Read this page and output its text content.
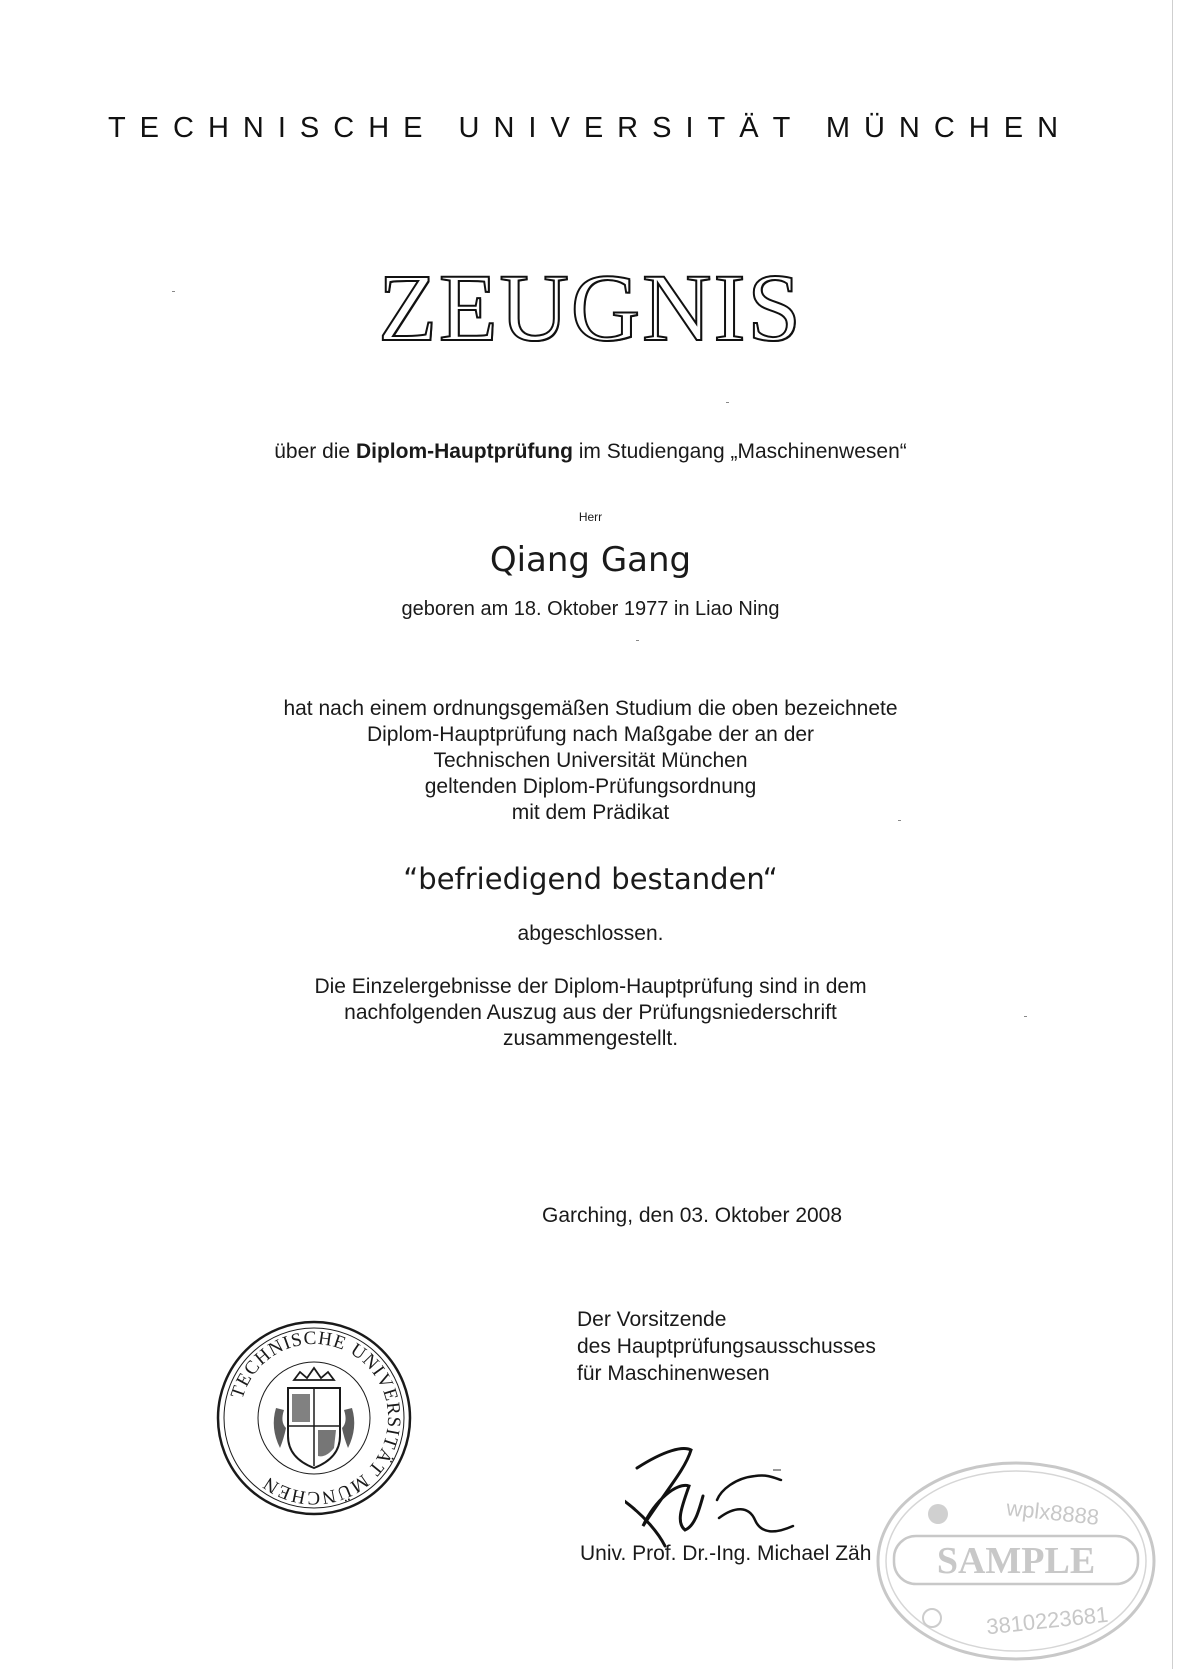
TECHNISCHE UNIVERSITÄT MÜNCHEN
ZEUGNIS
über die Diplom-Hauptprüfung im Studiengang „Maschinenwesen“
Herr
Qiang Gang
geboren am 18. Oktober 1977 in Liao Ning
hat nach einem ordnungsgemäßen Studium die oben bezeichnete
Diplom-Hauptprüfung nach Maßgabe der an der
Technischen Universität München
geltenden Diplom-Prüfungsordnung
mit dem Prädikat
“befriedigend bestanden“
abgeschlossen.
Die Einzelergebnisse der Diplom-Hauptprüfung sind in dem
nachfolgenden Auszug aus der Prüfungsniederschrift
zusammengestellt.
Garching, den 03. Oktober 2008
Der Vorsitzende
des Hauptprüfungsausschusses
für Maschinenwesen
TECHNISCHE UNIVERSITÄT MÜNCHEN
Univ. Prof. Dr.-Ing. Michael Zäh SAMPLE
wplx8888
3810223681
